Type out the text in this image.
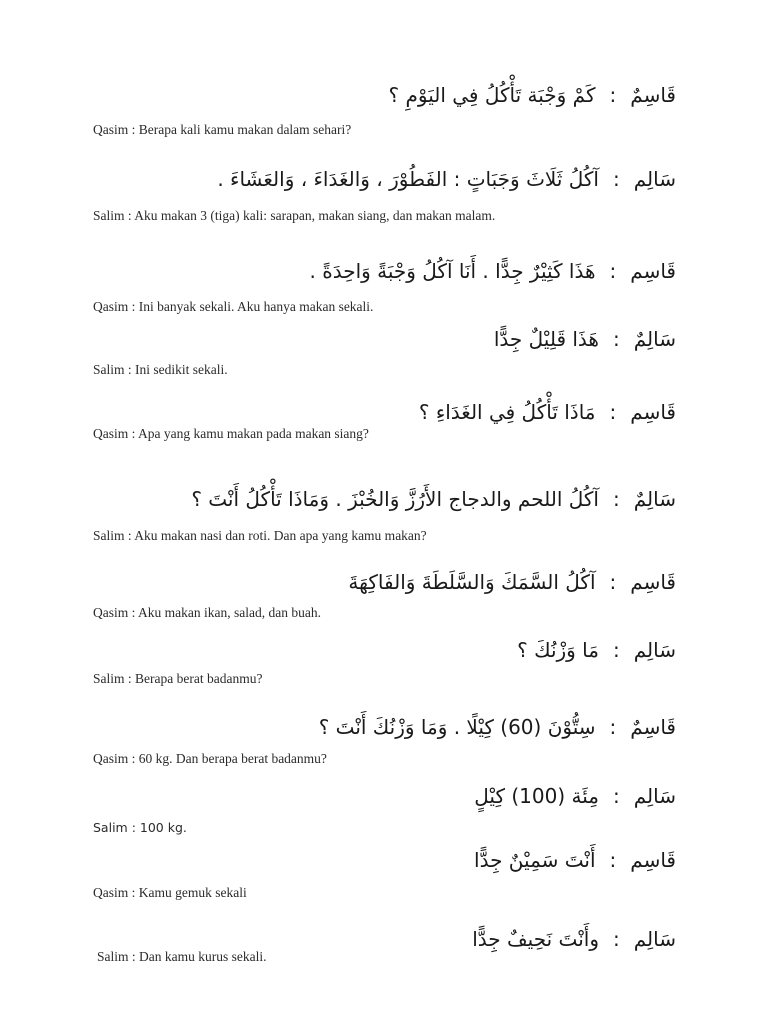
قَاسِمٌ:كَمْ وَجْبَة تَأْكُلُ فِي اليَوْمِ ؟
Qasim : Berapa kali kamu makan dalam sehari?
سَالِم:آكُلُ ثَلَاثَ وَجَبَاتٍ : الفَطُوْرَ ، وَالغَدَاءَ ، وَالعَشَاءَ .
Salim : Aku makan 3 (tiga) kali: sarapan, makan siang, dan makan malam.
قَاسِم:هَذَا كَثِيْرٌ جِدًّا . أَنَا آكُلُ وَجْبَةً وَاحِدَةً .
Qasim : Ini banyak sekali. Aku hanya makan sekali.
سَالِمٌ:هَذَا قَلِيْلٌ جِدًّا
Salim : Ini sedikit sekali.
قَاسِم:مَاذَا تَأْكُلُ فِي الغَدَاءِ ؟
Qasim : Apa yang kamu makan pada makan siang?
سَالِمٌ:آكُلُ اللحم والدجاج الأَرُزَّ وَالخُبْزَ . وَمَاذَا تَأْكُلُ أَنْتَ ؟
Salim : Aku makan nasi dan roti. Dan apa yang kamu makan?
قَاسِم:آكُلُ السَّمَكَ وَالسَّلَطَةَ وَالفَاكِهَةَ
Qasim : Aku makan ikan, salad, dan buah.
سَالِم:مَا وَزْنُكَ ؟
Salim : Berapa berat badanmu?
قَاسِمٌ:سِتُّوْنَ (60) كِيْلًا . وَمَا وَزْنُكَ أَنْتَ ؟
Qasim : 60 kg. Dan berapa berat badanmu?
سَالِم:مِئَة (100) كِيْلٍ
Salim : 100 kg.
قَاسِم:أَنْتَ سَمِيْنٌ جِدًّا
Qasim : Kamu gemuk sekali
سَالِم:وأَنْتَ نَحِيفٌ جِدًّا
Salim : Dan kamu kurus sekali.
